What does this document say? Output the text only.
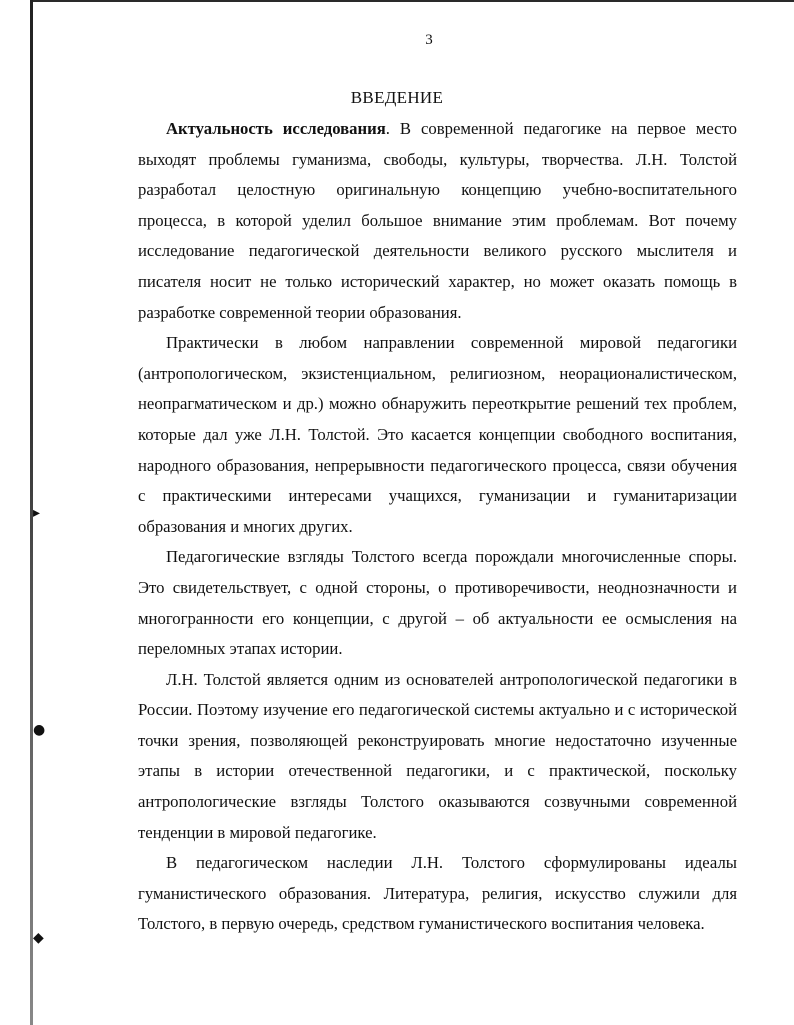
▸
●
◆
3
ВВЕДЕНИЕ

Актуальность исследования. В современной педагогике на первое место выходят проблемы гуманизма, свободы, культуры, творчества. Л.Н. Толстой разработал целостную оригинальную концепцию учебно-воспитательного процесса, в которой уделил большое внимание этим проблемам. Вот почему исследование педагогической деятельности великого русского мыслителя и писателя носит не только исторический характер, но может оказать помощь в разработке современной теории образования.

Практически в любом направлении современной мировой педагогики (антропологическом, экзистенциальном, религиозном, неорационалистическом, неопрагматическом и др.) можно обнаружить переоткрытие решений тех проблем, которые дал уже Л.Н. Толстой. Это касается концепции свободного воспитания, народного образования, непрерывности педагогического процесса, связи обучения с практическими интересами учащихся, гуманизации и гуманитаризации образования и многих других.

Педагогические взгляды Толстого всегда порождали многочисленные споры. Это свидетельствует, с одной стороны, о противоречивости, неоднозначности и многогранности его концепции, с другой – об актуальности ее осмысления на переломных этапах истории.

Л.Н. Толстой является одним из основателей антропологической педагогики в России. Поэтому изучение его педагогической системы актуально и с исторической точки зрения, позволяющей реконструировать многие недостаточно изученные этапы в истории отечественной педагогики, и с практической, поскольку антропологические взгляды Толстого оказываются созвучными современной тенденции в мировой педагогике.

В педагогическом наследии Л.Н. Толстого сформулированы идеалы гуманистического образования. Литература, религия, искусство служили для Толстого, в первую очередь, средством гуманистического воспитания человека.
